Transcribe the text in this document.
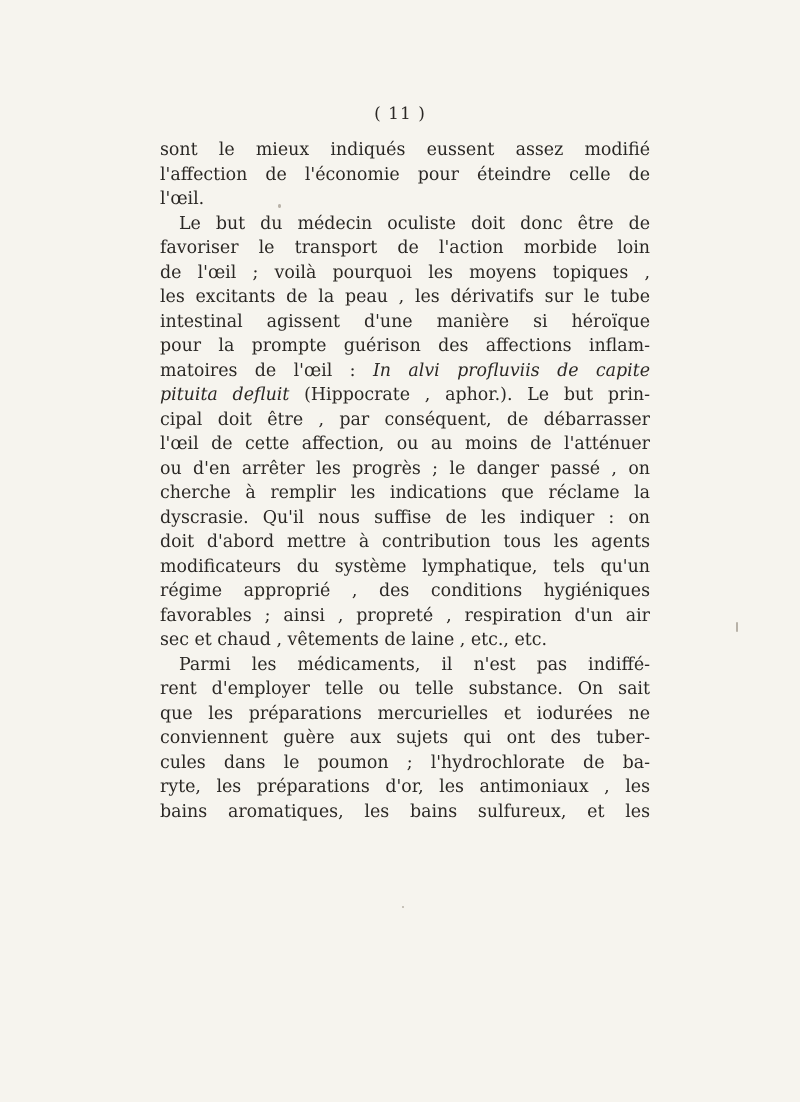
( 11 )
sont le mieux indiqués eussent assez modifié
l'affection de l'économie pour éteindre celle de
l'œil.
Le but du médecin oculiste doit donc être de
favoriser le transport de l'action morbide loin
de l'œil ; voilà pourquoi les moyens topiques ,
les excitants de la peau , les dérivatifs sur le tube
intestinal agissent d'une manière si héroïque
pour la prompte guérison des affections inflam-
matoires de l'œil : In alvi profluviis de capite
pituita defluit (Hippocrate , aphor.). Le but prin-
cipal doit être , par conséquent, de débarrasser
l'œil de cette affection, ou au moins de l'atténuer
ou d'en arrêter les progrès ; le danger passé , on
cherche à remplir les indications que réclame la
dyscrasie. Qu'il nous suffise de les indiquer : on
doit d'abord mettre à contribution tous les agents
modificateurs du système lymphatique, tels qu'un
régime approprié , des conditions hygiéniques
favorables ; ainsi , propreté , respiration d'un air
sec et chaud , vêtements de laine , etc., etc.
Parmi les médicaments, il n'est pas indiffé-
rent d'employer telle ou telle substance. On sait
que les préparations mercurielles et iodurées ne
conviennent guère aux sujets qui ont des tuber-
cules dans le poumon ; l'hydrochlorate de ba-
ryte, les préparations d'or, les antimoniaux , les
bains aromatiques, les bains sulfureux, et les
